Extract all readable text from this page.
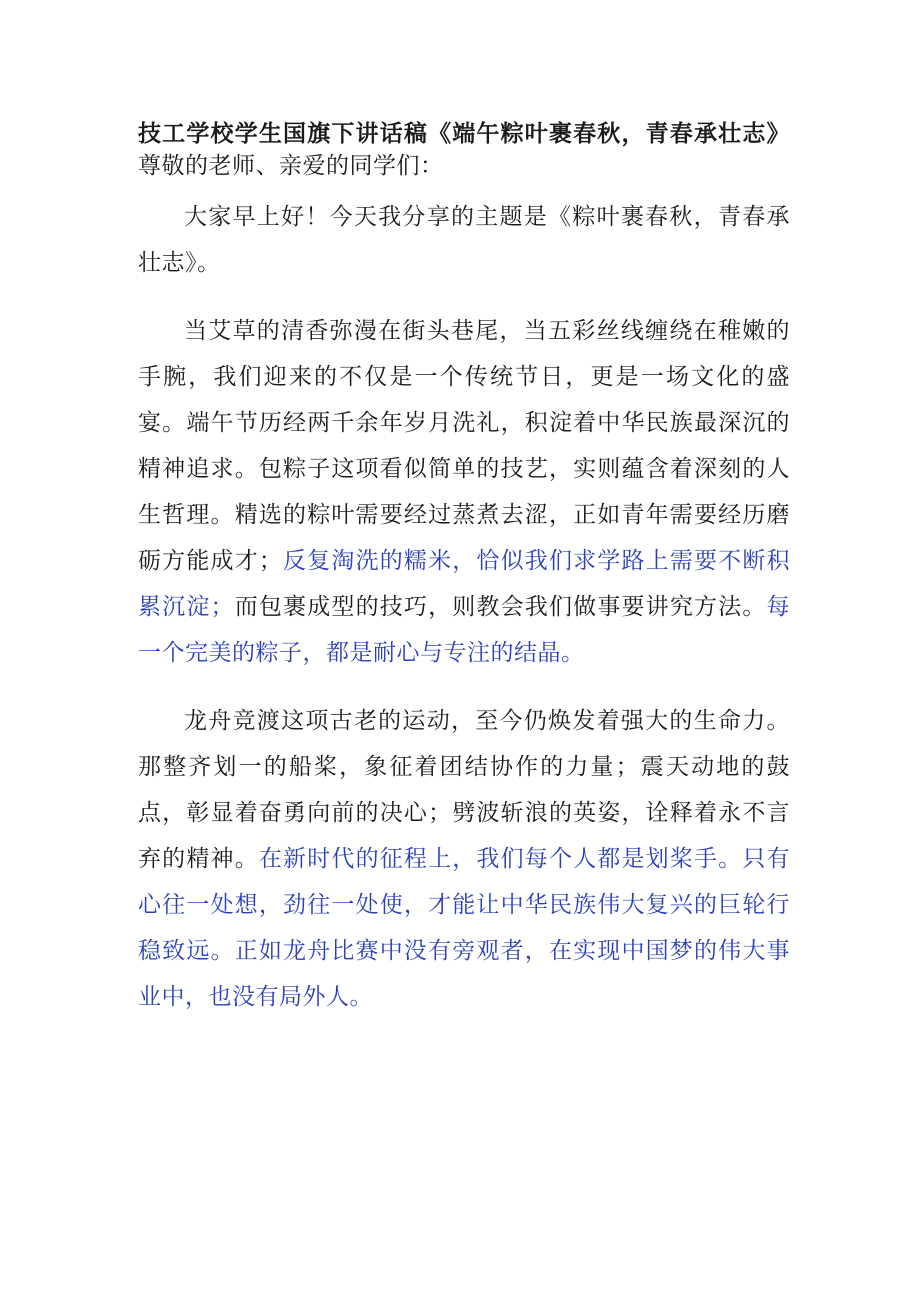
技工学校学生国旗下讲话稿《端午粽叶裹春秋，青春承壮志》尊敬的老师、亲爱的同学们：

大家早上好！今天我分享的主题是《粽叶裹春秋，青春承壮志》。

当艾草的清香弥漫在街头巷尾，当五彩丝线缠绕在稚嫩的手腕，我们迎来的不仅是一个传统节日，更是一场文化的盛宴。端午节历经两千余年岁月洗礼，积淀着中华民族最深沉的精神追求。包粽子这项看似简单的技艺，实则蕴含着深刻的人生哲理。精选的粽叶需要经过蒸煮去涩，正如青年需要经历磨砺方能成才；反复淘洗的糯米，恰似我们求学路上需要不断积累沉淀；而包裹成型的技巧，则教会我们做事要讲究方法。每一个完美的粽子，都是耐心与专注的结晶。

龙舟竞渡这项古老的运动，至今仍焕发着强大的生命力。那整齐划一的船桨，象征着团结协作的力量；震天动地的鼓点，彰显着奋勇向前的决心；劈波斩浪的英姿，诠释着永不言弃的精神。在新时代的征程上，我们每个人都是划桨手。只有心往一处想，劲往一处使，才能让中华民族伟大复兴的巨轮行稳致远。正如龙舟比赛中没有旁观者，在实现中国梦的伟大事业中，也没有局外人。
